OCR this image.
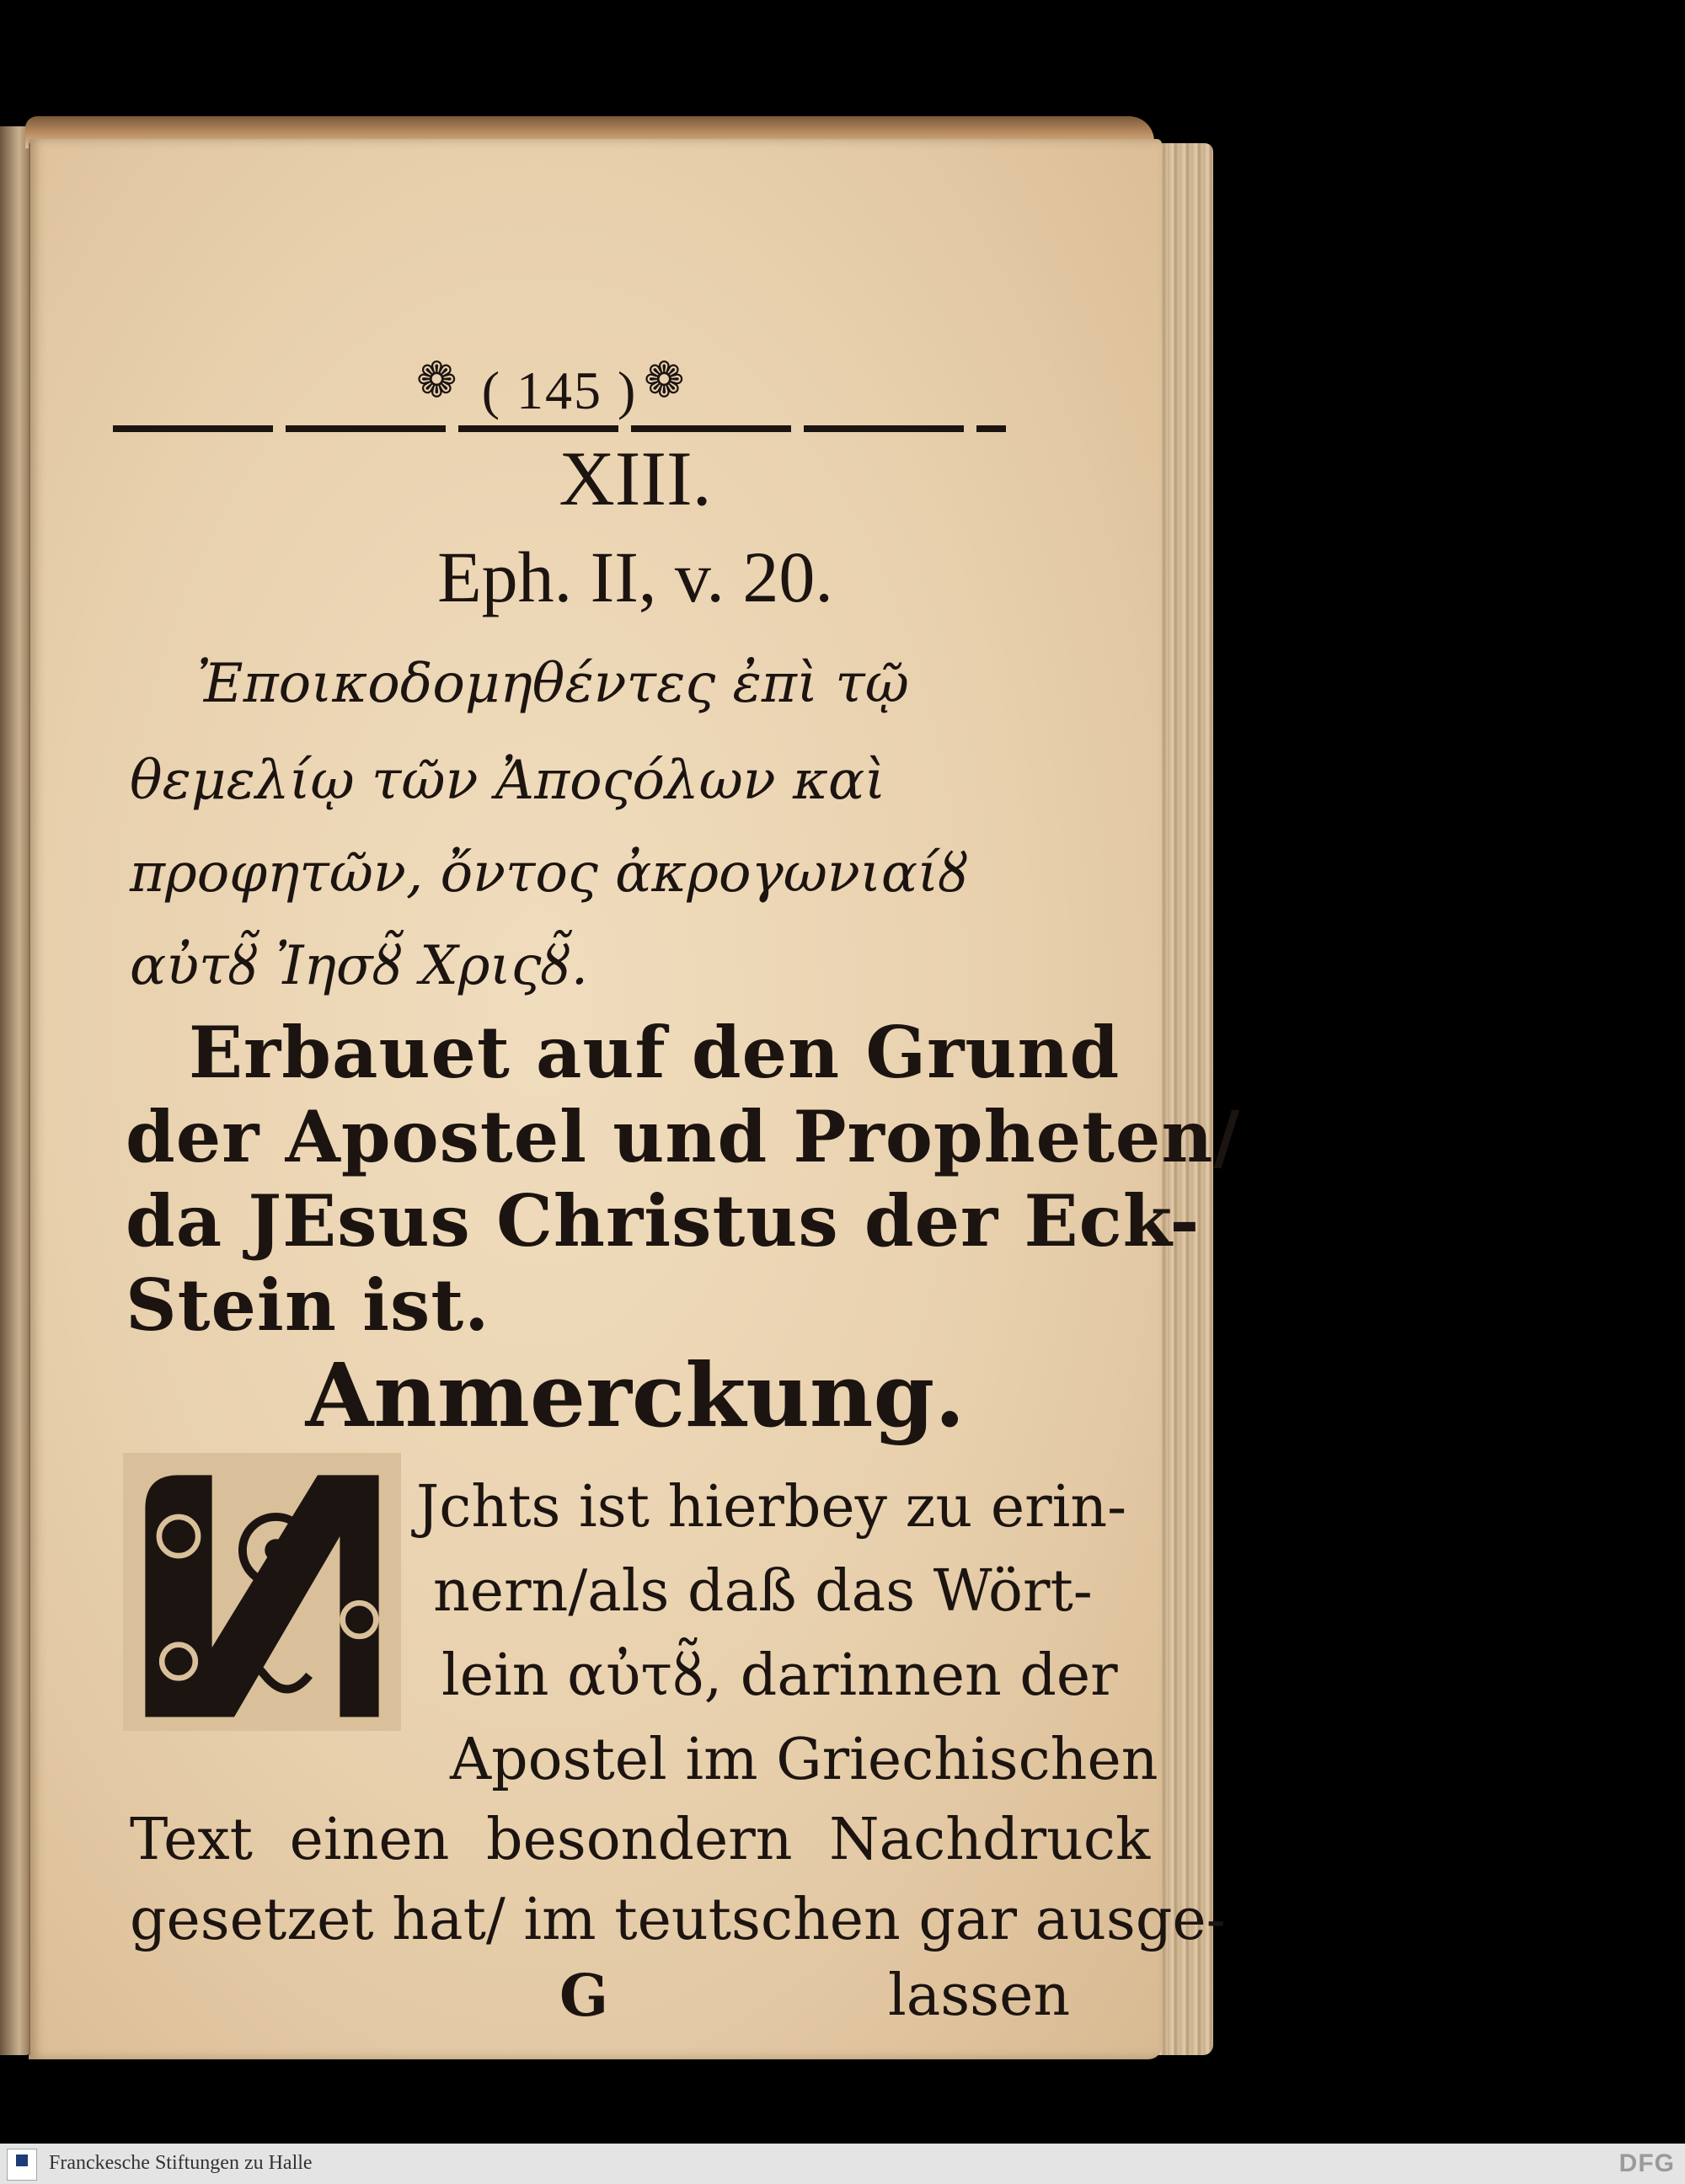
❁ ( 145 ) ❁
XIII.
Eph. II, v. 20.
Ἐποικοδομηθέντες ἐπὶ τῷ
θεμελίῳ τῶν Ἀποςόλων καὶ
προφητῶν, ὄντος ἀκρογωνιαίȣ
αὐτȣ̃ Ἰησȣ̃ Χριςȣ̃.
Erbauet auf den Grund
der Apostel und Propheten/
da JEsus Christus der Eck-
Stein ist.
Anmerckung.
Jchts ist hierbey zu erin-
nern/als daß das Wört-
lein αὐτȣ̃, darinnen der
Apostel im Griechischen
Text einen besondern Nachdruck
gesetzet hat/ im teutschen gar ausge-
G	lassen
Franckesche Stiftungen zu Halle	DFG
